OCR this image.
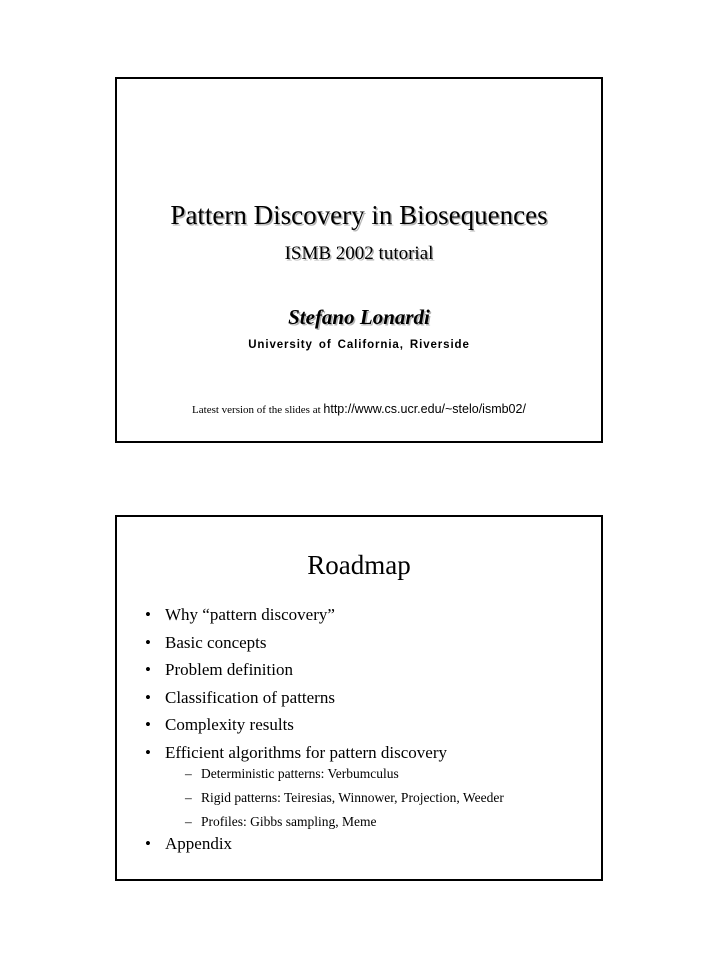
Pattern Discovery in Biosequences
ISMB 2002 tutorial
Stefano Lonardi
University of California, Riverside
Latest version of the slides at http://www.cs.ucr.edu/~stelo/ismb02/
Roadmap
• Why “pattern discovery”
• Basic concepts
• Problem definition
• Classification of patterns
• Complexity results
• Efficient algorithms for pattern discovery
– Deterministic patterns: Verbumculus
– Rigid patterns: Teiresias, Winnower, Projection, Weeder
– Profiles: Gibbs sampling, Meme
• Appendix
